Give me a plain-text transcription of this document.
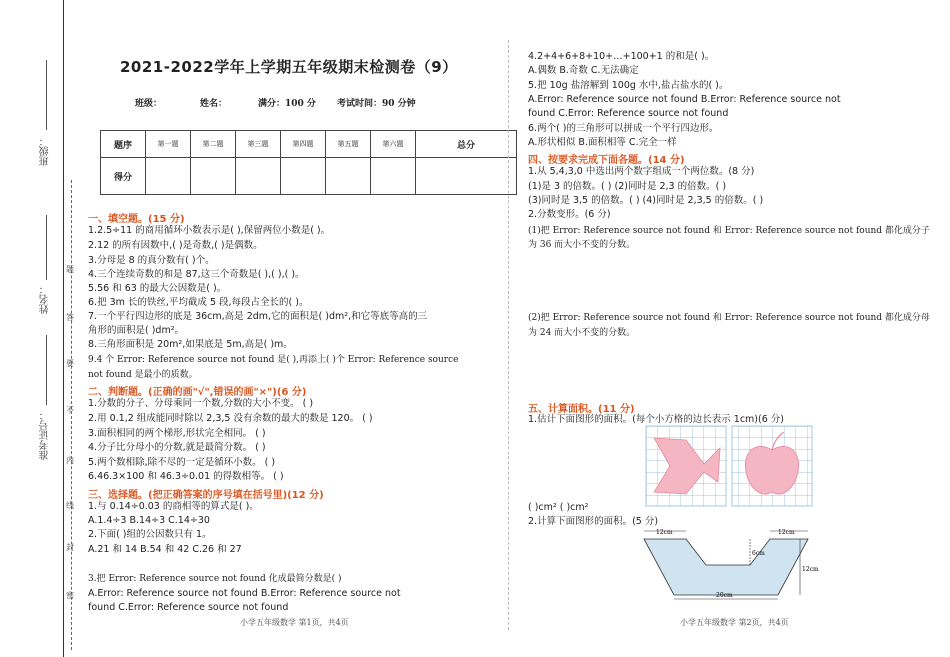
班级：
姓名：
准考证号：
密
封
线
内
不
要
答
题
2021-2022学年上学期五年级期末检测卷（9）
班级：	姓名：	满分：100 分 考试时间：90 分钟
题序	第一题	第二题	第三题	第四题	第五题	第六题	总分
得分							
一、填空题。(15 分)
1.2.5÷11 的商用循环小数表示是( ),保留两位小数是( )。
2.12 的所有因数中,( )是奇数,( )是偶数。
3.分母是 8 的真分数有( )个。
4.三个连续奇数的和是 87,这三个奇数是( ),( ),( )。
5.56 和 63 的最大公因数是( )。
6.把 3m 长的铁丝,平均截成 5 段,每段占全长的( )。
7.一个平行四边形的底是 36cm,高是 2dm,它的面积是( )dm²,和它等底等高的三
角形的面积是( )dm²。
8.三角形面积是 20m²,如果底是 5m,高是( )m。
9.4 个 Error: Reference source not found 是( ),再添上( )个 Error: Reference source
not found 是最小的质数。
二、判断题。(正确的画"√",错误的画"×")(6 分)
1.分数的分子、分母乘同一个数,分数的大小不变。 ( )
2.用 0.1,2 组成能同时除以 2,3,5 没有余数的最大的数是 120。 ( )
3.面积相同的两个梯形,形状完全相同。 ( )
4.分子比分母小的分数,就是最简分数。 ( )
5.两个数相除,除不尽的一定是循环小数。 ( )
6.46.3×100 和 46.3÷0.01 的得数相等。 ( )
三、选择题。(把正确答案的序号填在括号里)(12 分)
1.与 0.14÷0.03 的商相等的算式是( )。
A.1.4÷3 B.14÷3 C.14÷30
2.下面( )组的公因数只有 1。
A.21 和 14 B.54 和 42 C.26 和 27
3.把 Error: Reference source not found 化成最简分数是( )
A.Error: Reference source not found B.Error: Reference source not
found C.Error: Reference source not found
小学五年级数学 第1页，共4页
4.2+4+6+8+10+…+100+1 的和是( )。
A.偶数 B.奇数 C.无法确定
5.把 10g 盐溶解到 100g 水中,盐占盐水的( )。
A.Error: Reference source not found B.Error: Reference source not
found C.Error: Reference source not found
6.两个( )的三角形可以拼成一个平行四边形。
A.形状相似 B.面积相等 C.完全一样
四、按要求完成下面各题。(14 分)
1.从 5,4,3,0 中选出两个数字组成一个两位数。(8 分)
(1)是 3 的倍数。( ) (2)同时是 2,3 的倍数。( )
(3)同时是 3,5 的倍数。( ) (4)同时是 2,3,5 的倍数。( )
2.分数变形。(6 分)
(1)把 Error: Reference source not found 和 Error: Reference source not found 都化成分子
为 36 而大小不变的分数。
(2)把 Error: Reference source not found 和 Error: Reference source not found 都化成分母
为 24 而大小不变的分数。
五、计算面积。(11 分)
1.估计下面图形的面积。(每个小方格的边长表示 1cm)(6 分)
( )cm² ( )cm²
2.计算下面图形的面积。(5 分)
12cm	12cm
6cm
12cm
20cm
小学五年级数学 第2页，共4页
